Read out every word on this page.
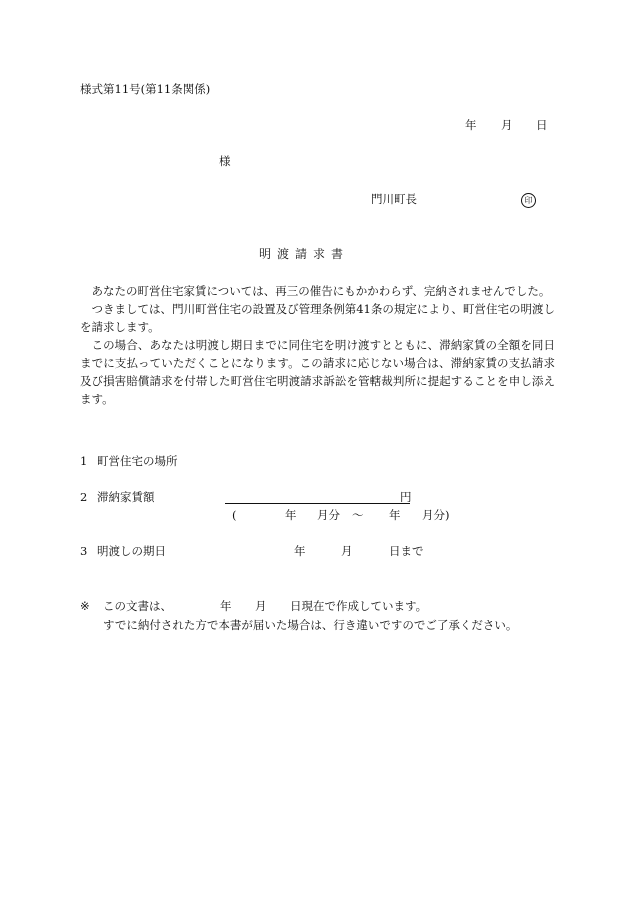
様式第11号(第11条関係)
年 月 日
様
門川町長	印
明渡請求書

あなたの町営住宅家賃については、再三の催告にもかかわらず、完納されませんでした。

つきましては、門川町営住宅の設置及び管理条例第41条の規定により、町営住宅の明渡しを請求します。

この場合、あなたは明渡し期日までに同住宅を明け渡すとともに、滞納家賃の全額を同日までに支払っていただくことになります。この請求に応じない場合は、滞納家賃の支払請求及び損害賠償請求を付帯した町営住宅明渡請求訴訟を管轄裁判所に提起することを申し添えます。

1 町営住宅の場所
2 滞納家賃額	円
(	年 月分 ～ 年 月分)
3 明渡しの期日	年	月	日まで
※ この文書は、	年 月 日現在で作成しています。
すでに納付された方で本書が届いた場合は、行き違いですのでご了承ください。
